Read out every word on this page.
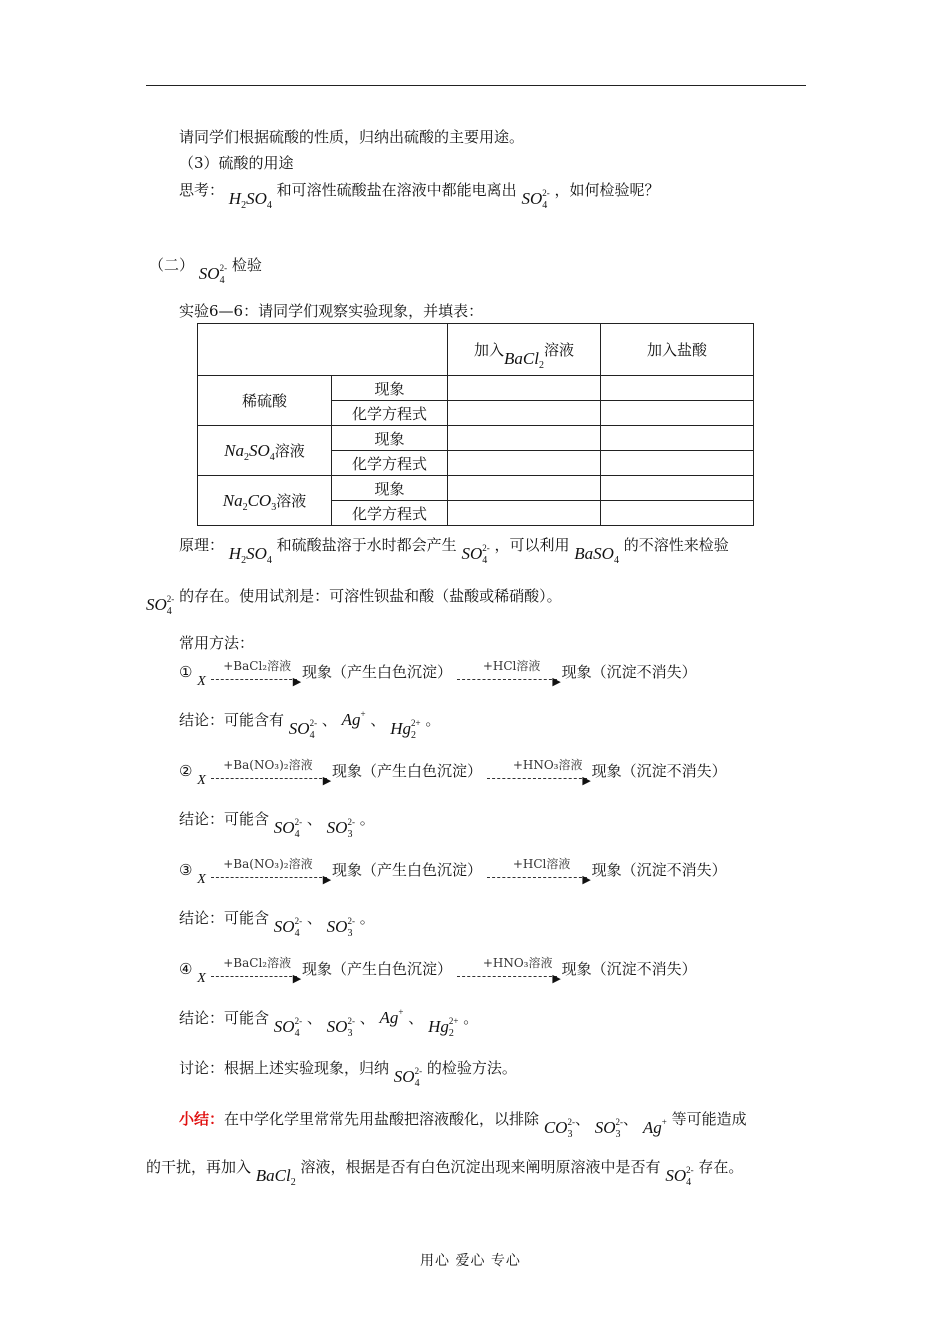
请同学们根据硫酸的性质，归纳出硫酸的主要用途。
（3）硫酸的用途
思考： $H_2SO_4$ 和可溶性硫酸盐在溶液中都能电离出 $SO_4^{2-}$ ，如何检验呢？
（二） $SO_4^{2-}$ 检验
实验6—6：请同学们观察实验现象，并填表：
		加入BaCl$_2$溶液	加入盐酸
稀硫酸	现象		
	化学方程式		
$Na_2SO_4$溶液	现象		
	化学方程式		
$Na_2CO_3$溶液	现象		
	化学方程式		
原理： $H_2SO_4$ 和硫酸盐溶于水时都会产生 $SO_4^{2-}$ ，可以利用 BaSO$_4$ 的不溶性来检验
$SO_4^{2-}$ 的存在。使用试剂是：可溶性钡盐和酸（盐酸或稀硝酸）。
常用方法：
①	+BaCl₂溶液
X	▶
现象（产生白色沉淀）	+HCl溶液
▶
现象（沉淀不消失）
结论：可能含有 $SO_4^{2-}$ 、 Ag+ 、 $Hg_2^{2+}$ 。
②	+Ba(NO₃)₂溶液
X	▶
现象（产生白色沉淀）	+HNO₃溶液
▶
现象（沉淀不消失）
结论：可能含 $SO_4^{2-}$ 、 $SO_3^{2-}$ 。
③	+Ba(NO₃)₂溶液
X	▶
现象（产生白色沉淀）	+HCl溶液
▶
现象（沉淀不消失）
结论：可能含 $SO_4^{2-}$ 、 $SO_3^{2-}$ 。
④	+BaCl₂溶液
X	▶
现象（产生白色沉淀）	+HNO₃溶液
▶
现象（沉淀不消失）
结论：可能含 $SO_4^{2-}$ 、 $SO_3^{2-}$ 、 Ag+ 、 $Hg_2^{2+}$ 。
讨论：根据上述实验现象，归纳 $SO_4^{2-}$ 的检验方法。
小结：在中学化学里常常先用盐酸把溶液酸化，以排除 $CO_3^{2-}$、 $SO_3^{2-}$、 Ag+ 等可能造成
的干扰，再加入 BaCl$_2$ 溶液，根据是否有白色沉淀出现来阐明原溶液中是否有 $SO_4^{2-}$ 存在。
用心 爱心 专心
